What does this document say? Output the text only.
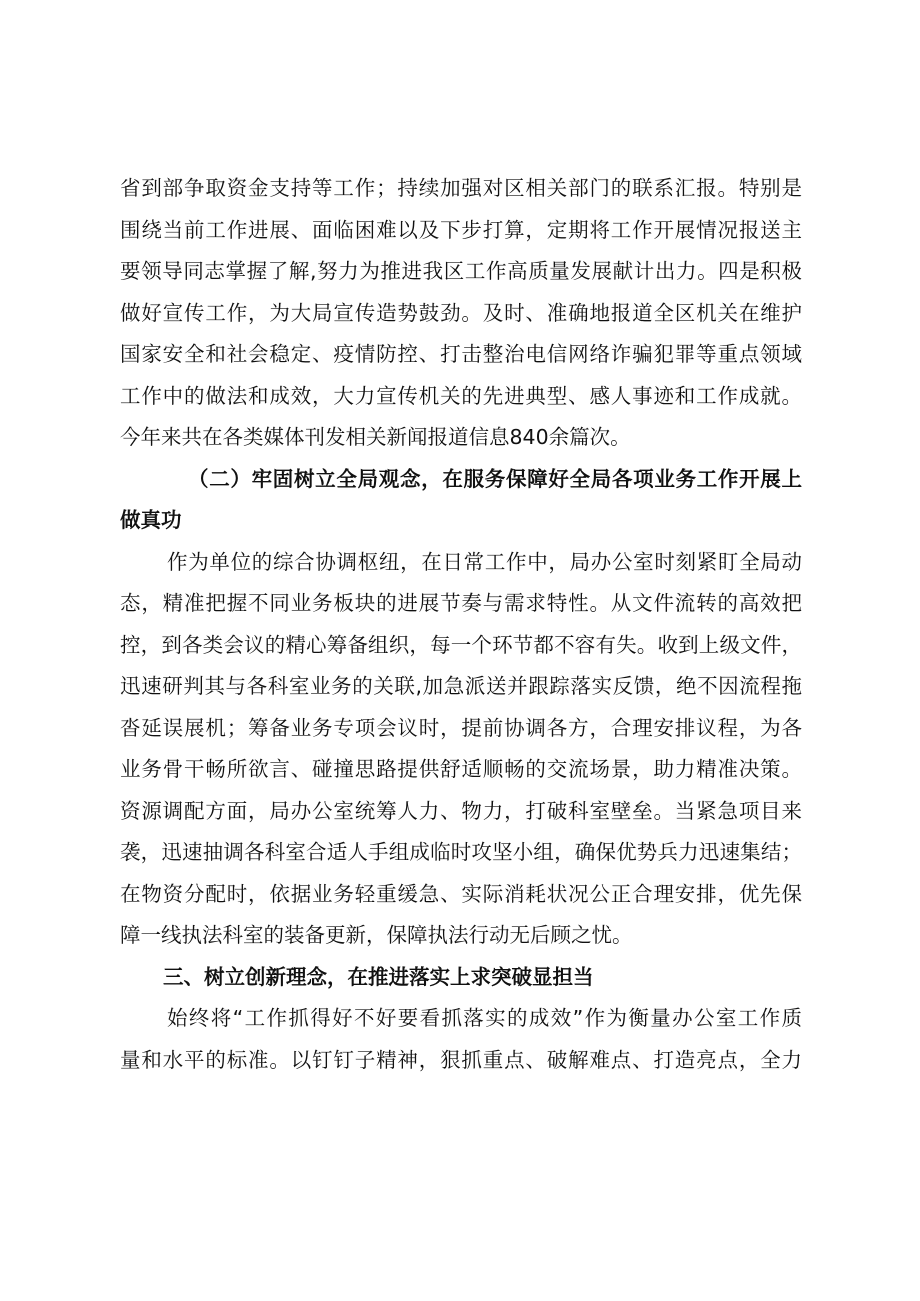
省到部争取资金支持等工作；持续加强对区相关部门的联系汇报。特别是
围绕当前工作进展、面临困难以及下步打算，定期将工作开展情况报送主
要领导同志掌握了解,努力为推进我区工作高质量发展献计出力。四是积极
做好宣传工作，为大局宣传造势鼓劲。及时、准确地报道全区机关在维护
国家安全和社会稳定、疫情防控、打击整治电信网络诈骗犯罪等重点领域
工作中的做法和成效，大力宣传机关的先进典型、感人事迹和工作成就。
今年来共在各类媒体刊发相关新闻报道信息840余篇次。
（二）牢固树立全局观念，在服务保障好全局各项业务工作开展上
做真功
作为单位的综合协调枢纽，在日常工作中，局办公室时刻紧盯全局动
态，精准把握不同业务板块的进展节奏与需求特性。从文件流转的高效把
控，到各类会议的精心筹备组织，每一个环节都不容有失。收到上级文件，
迅速研判其与各科室业务的关联,加急派送并跟踪落实反馈，绝不因流程拖
沓延误展机；筹备业务专项会议时，提前协调各方，合理安排议程，为各
业务骨干畅所欲言、碰撞思路提供舒适顺畅的交流场景，助力精准决策。
资源调配方面，局办公室统筹人力、物力，打破科室壁垒。当紧急项目来
袭，迅速抽调各科室合适人手组成临时攻坚小组，确保优势兵力迅速集结；
在物资分配时，依据业务轻重缓急、实际消耗状况公正合理安排，优先保
障一线执法科室的装备更新，保障执法行动无后顾之忧。
三、树立创新理念，在推进落实上求突破显担当
始终将“工作抓得好不好要看抓落实的成效”作为衡量办公室工作质
量和水平的标准。以钉钉子精神，狠抓重点、破解难点、打造亮点，全力
